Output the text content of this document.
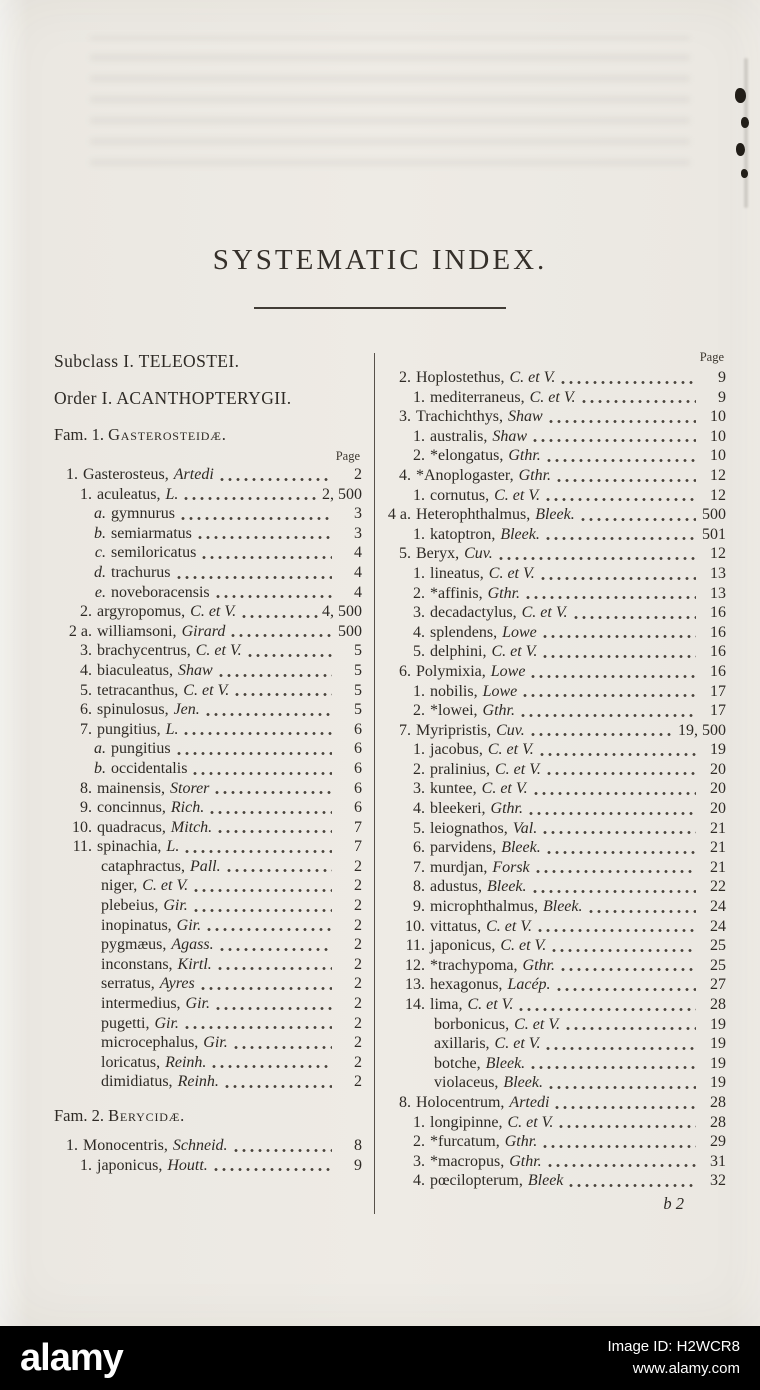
SYSTEMATIC INDEX.
Subclass I. TELEOSTEI.
Order I. ACANTHOPTERYGII.
Fam. 1. Gasterosteidæ.
Page
1. Gasterosteus, Artedi	2
1. aculeatus, L.	2, 500
a. gymnurus	3
b. semiarmatus	3
c. semiloricatus	4
d. trachurus	4
e. noveboracensis	4
2. argyropomus, C. et V.	4, 500
2 a. williamsoni, Girard	500
3. brachycentrus, C. et V.	5
4. biaculeatus, Shaw	5
5. tetracanthus, C. et V.	5
6. spinulosus, Jen.	5
7. pungitius, L.	6
a. pungitius	6
b. occidentalis	6
8. mainensis, Storer	6
9. concinnus, Rich.	6
10. quadracus, Mitch.	7
11. spinachia, L.	7
cataphractus, Pall.	2
niger, C. et V.	2
plebeius, Gir.	2
inopinatus, Gir.	2
pygmæus, Agass.	2
inconstans, Kirtl.	2
serratus, Ayres	2
intermedius, Gir.	2
pugetti, Gir.	2
microcephalus, Gir.	2
loricatus, Reinh.	2
dimidiatus, Reinh.	2
Fam. 2. Berycidæ.
1. Monocentris, Schneid.	8
1. japonicus, Houtt.	9
Page
2. Hoplostethus, C. et V.	9
1. mediterraneus, C. et V.	9
3. Trachichthys, Shaw	10
1. australis, Shaw	10
2. *elongatus, Gthr.	10
4. *Anoplogaster, Gthr.	12
1. cornutus, C. et V.	12
4 a. Heterophthalmus, Bleek.	500
1. katoptron, Bleek.	501
5. Beryx, Cuv.	12
1. lineatus, C. et V.	13
2. *affinis, Gthr.	13
3. decadactylus, C. et V.	16
4. splendens, Lowe	16
5. delphini, C. et V.	16
6. Polymixia, Lowe	16
1. nobilis, Lowe	17
2. *lowei, Gthr.	17
7. Myripristis, Cuv.	19, 500
1. jacobus, C. et V.	19
2. pralinius, C. et V.	20
3. kuntee, C. et V.	20
4. bleekeri, Gthr.	20
5. leiognathos, Val.	21
6. parvidens, Bleek.	21
7. murdjan, Forsk	21
8. adustus, Bleek.	22
9. microphthalmus, Bleek.	24
10. vittatus, C. et V.	24
11. japonicus, C. et V.	25
12. *trachypoma, Gthr.	25
13. hexagonus, Lacép.	27
14. lima, C. et V.	28
borbonicus, C. et V.	19
axillaris, C. et V.	19
botche, Bleek.	19
violaceus, Bleek.	19
8. Holocentrum, Artedi	28
1. longipinne, C. et V.	28
2. *furcatum, Gthr.	29
3. *macropus, Gthr.	31
4. pœcilopterum, Bleek	32
b 2
alamy	Image ID: H2WCR8
www.alamy.com
